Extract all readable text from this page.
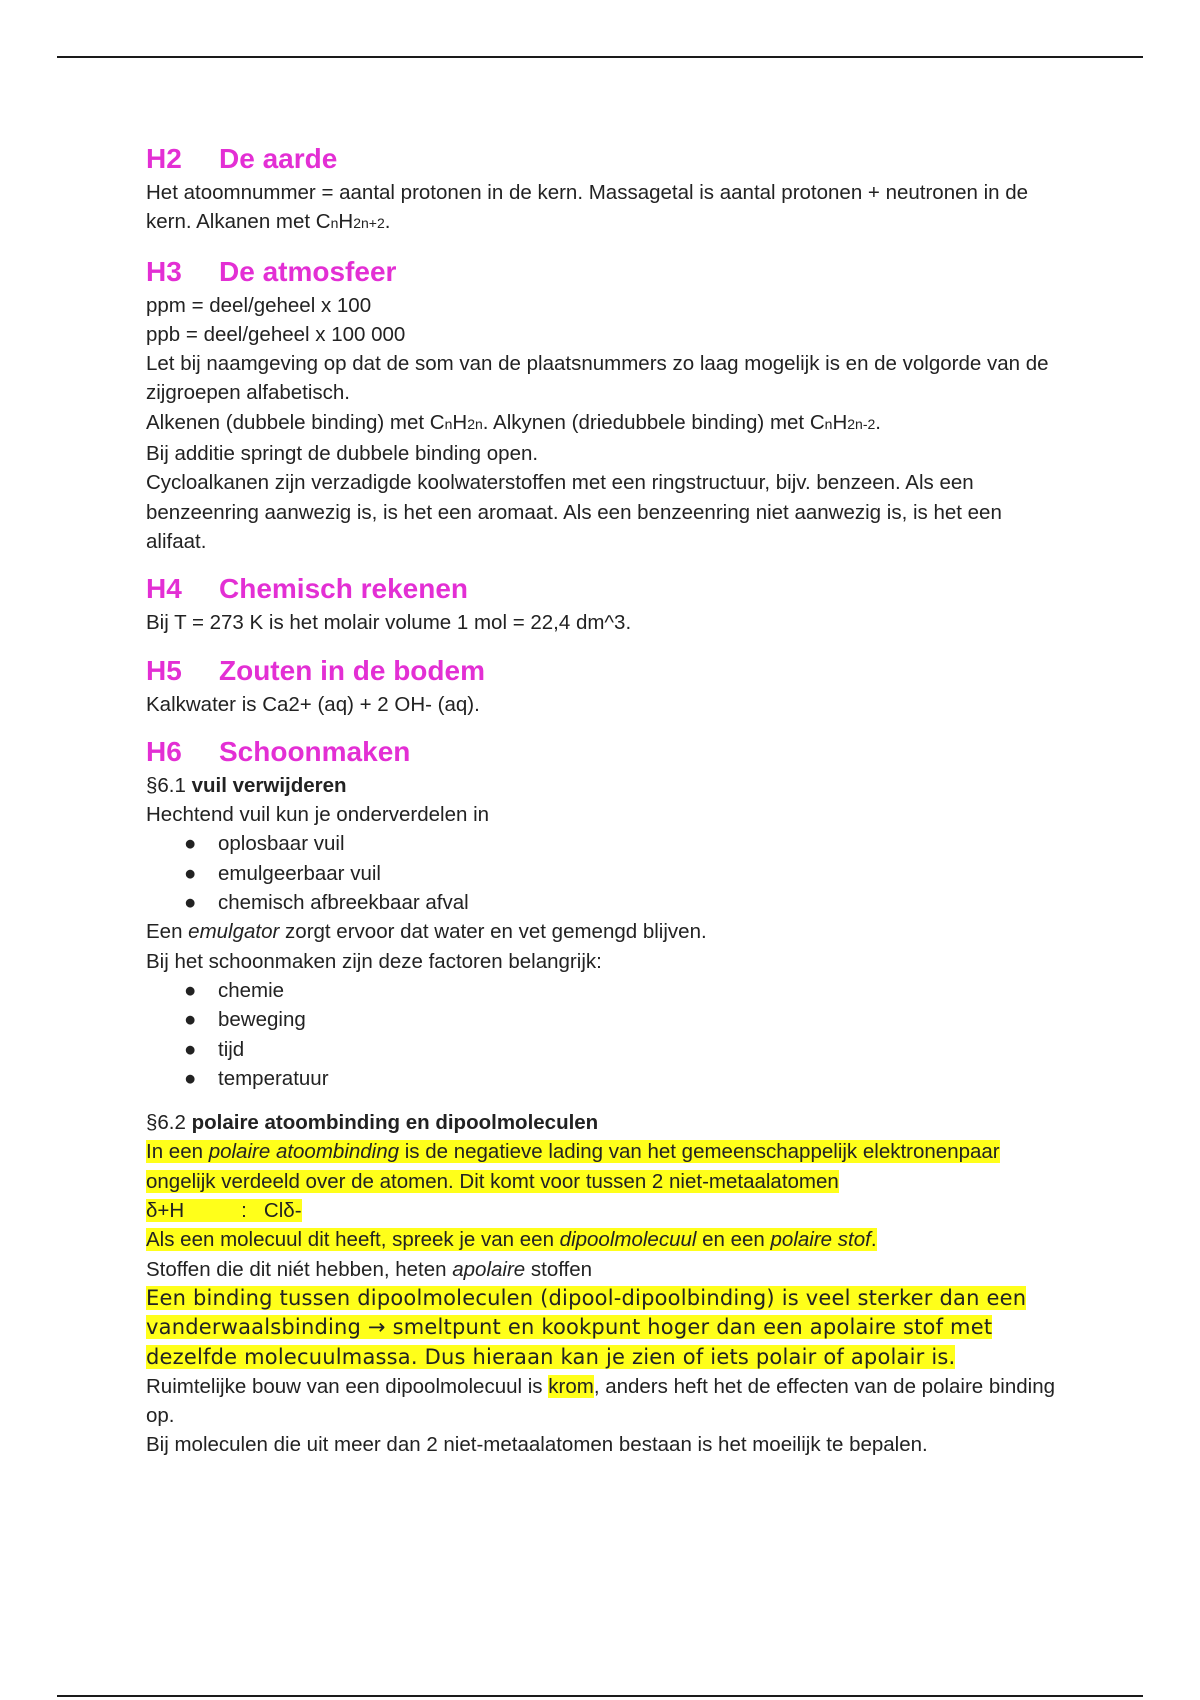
H2 De aarde

Het atoomnummer = aantal protonen in de kern. Massagetal is aantal protonen + neutronen in de kern. Alkanen met CnH2n+2.

H3 De atmosfeer

ppm = deel/geheel x 100

ppb = deel/geheel x 100 000

Let bij naamgeving op dat de som van de plaatsnummers zo laag mogelijk is en de volgorde van de zijgroepen alfabetisch.

Alkenen (dubbele binding) met CnH2n. Alkynen (driedubbele binding) met CnH2n-2.

Bij additie springt de dubbele binding open.

Cycloalkanen zijn verzadigde koolwaterstoffen met een ringstructuur, bijv. benzeen. Als een benzeenring aanwezig is, is het een aromaat. Als een benzeenring niet aanwezig is, is het een alifaat.

H4 Chemisch rekenen

Bij T = 273 K is het molair volume 1 mol = 22,4 dm^3.

H5 Zouten in de bodem

Kalkwater is Ca2+ (aq) + 2 OH- (aq).

H6 Schoonmaken

§6.1 vuil verwijderen

Hechtend vuil kun je onderverdelen in

● oplosbaar vuil
● emulgeerbaar vuil
● chemisch afbreekbaar afval

Een emulgator zorgt ervoor dat water en vet gemengd blijven.

Bij het schoonmaken zijn deze factoren belangrijk:

● chemie
● beweging
● tijd
● temperatuur

§6.2 polaire atoombinding en dipoolmoleculen

In een polaire atoombinding is de negatieve lading van het gemeenschappelijk elektronenpaar ongelijk verdeeld over de atomen. Dit komt voor tussen 2 niet-metaalatomen

δ+H          :   Clδ-

Als een molecuul dit heeft, spreek je van een dipoolmolecuul en een polaire stof.

Stoffen die dit niét hebben, heten apolaire stoffen

Een binding tussen dipoolmoleculen (dipool-dipoolbinding) is veel sterker dan een vanderwaalsbinding → smeltpunt en kookpunt hoger dan een apolaire stof met dezelfde molecuulmassa. Dus hieraan kan je zien of iets polair of apolair is.

Ruimtelijke bouw van een dipoolmolecuul is krom, anders heft het de effecten van de polaire binding op.

Bij moleculen die uit meer dan 2 niet-metaalatomen bestaan is het moeilijk te bepalen.
